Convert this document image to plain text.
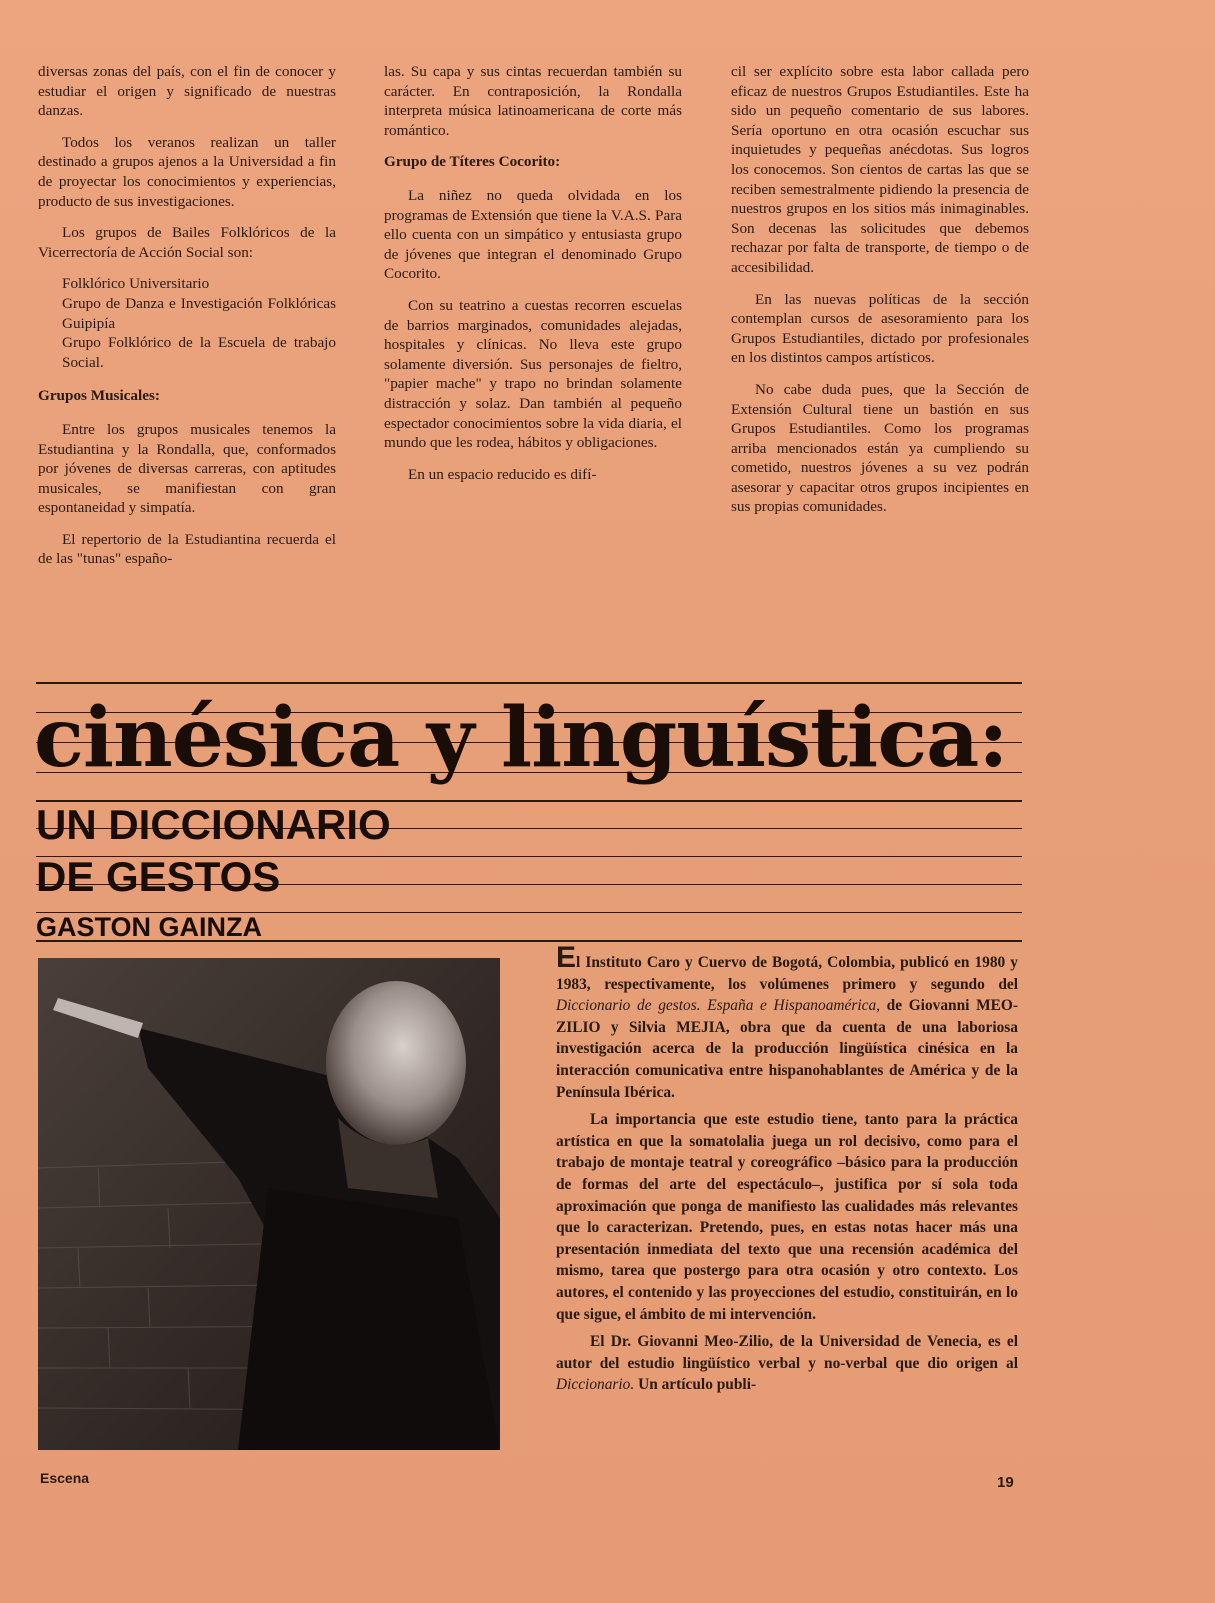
diversas zonas del país, con el fin de conocer y estudiar el origen y significado de nuestras danzas.

Todos los veranos realizan un taller destinado a grupos ajenos a la Universidad a fin de proyectar los conocimientos y experiencias, producto de sus investigaciones.

Los grupos de Bailes Folklóricos de la Vicerrectoría de Acción Social son:

Folklórico Universitario
Grupo de Danza e Investigación Folklóricas Guipipía
Grupo Folklórico de la Escuela de trabajo Social.
Grupos Musicales:

Entre los grupos musicales tenemos la Estudiantina y la Rondalla, que, conformados por jóvenes de diversas carreras, con aptitudes musicales, se manifiestan con gran espontaneidad y simpatía.

El repertorio de la Estudiantina recuerda el de las "tunas" españo-

las. Su capa y sus cintas recuerdan también su carácter. En contraposición, la Rondalla interpreta música latinoamericana de corte más romántico.

Grupo de Títeres Cocorito:

La niñez no queda olvidada en los programas de Extensión que tiene la V.A.S. Para ello cuenta con un simpático y entusiasta grupo de jóvenes que integran el denominado Grupo Cocorito.

Con su teatrino a cuestas recorren escuelas de barrios marginados, comunidades alejadas, hospitales y clínicas. No lleva este grupo solamente diversión. Sus personajes de fieltro, "papier mache" y trapo no brindan solamente distracción y solaz. Dan también al pequeño espectador conocimientos sobre la vida diaria, el mundo que les rodea, hábitos y obligaciones.

En un espacio reducido es difí-

cil ser explícito sobre esta labor callada pero eficaz de nuestros Grupos Estudiantiles. Este ha sido un pequeño comentario de sus labores. Sería oportuno en otra ocasión escuchar sus inquietudes y pequeñas anécdotas. Sus logros los conocemos. Son cientos de cartas las que se reciben semestralmente pidiendo la presencia de nuestros grupos en los sitios más inimaginables. Son decenas las solicitudes que debemos rechazar por falta de transporte, de tiempo o de accesibilidad.

En las nuevas políticas de la sección contemplan cursos de asesoramiento para los Grupos Estudiantiles, dictado por profesionales en los distintos campos artísticos.

No cabe duda pues, que la Sección de Extensión Cultural tiene un bastión en sus Grupos Estudiantiles. Como los programas arriba mencionados están ya cumpliendo su cometido, nuestros jóvenes a su vez podrán asesorar y capacitar otros grupos incipientes en sus propias comunidades.

cinésica y linguística:
UN DICCIONARIO
DE GESTOS
GASTON GAINZA

El Instituto Caro y Cuervo de Bogotá, Colombia, publicó en 1980 y 1983, respectivamente, los volúmenes primero y segundo del Diccionario de gestos. España e Hispanoamérica, de Giovanni MEO-ZILIO y Silvia MEJIA, obra que da cuenta de una laboriosa investigación acerca de la producción lingüística cinésica en la interacción comunicativa entre hispanohablantes de América y de la Península Ibérica.

La importancia que este estudio tiene, tanto para la práctica artística en que la somatolalia juega un rol decisivo, como para el trabajo de montaje teatral y coreográfico –básico para la producción de formas del arte del espectáculo–, justifica por sí sola toda aproximación que ponga de manifiesto las cualidades más relevantes que lo caracterizan. Pretendo, pues, en estas notas hacer más una presentación inmediata del texto que una recensión académica del mismo, tarea que postergo para otra ocasión y otro contexto. Los autores, el contenido y las proyecciones del estudio, constituirán, en lo que sigue, el ámbito de mi intervención.

El Dr. Giovanni Meo-Zilio, de la Universidad de Venecia, es el autor del estudio lingüístico verbal y no-verbal que dio origen al Diccionario. Un artículo publi-

Escena	19
